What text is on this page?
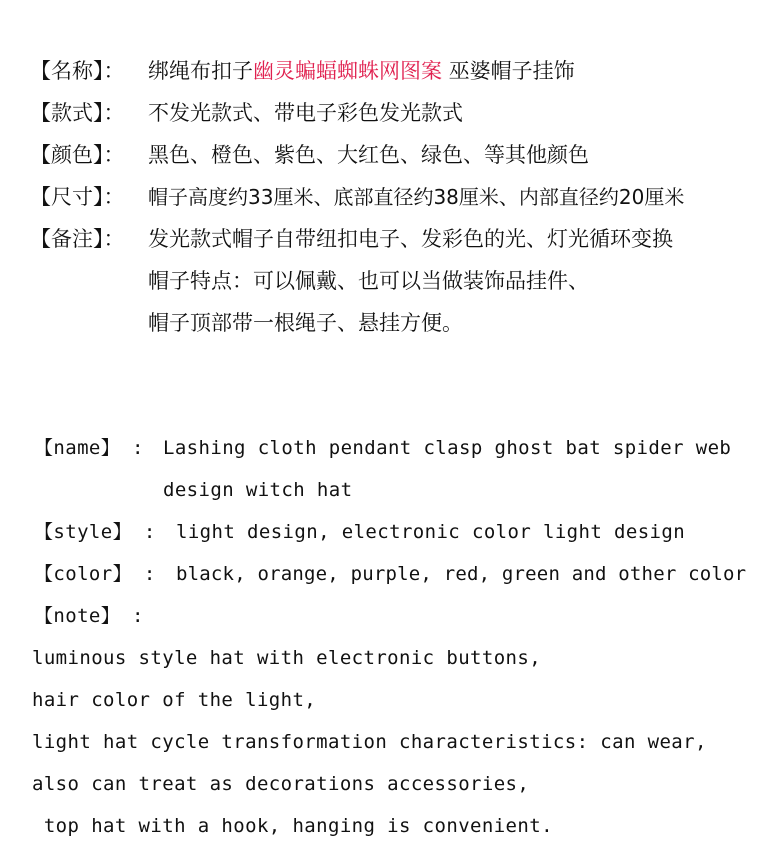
【名称】： 绑绳布扣子幽灵蝙蝠蜘蛛网图案 巫婆帽子挂饰
【款式】： 不发光款式、带电子彩色发光款式
【颜色】： 黑色、橙色、紫色、大红色、绿色、等其他颜色
【尺寸】： 帽子高度约33厘米、底部直径约38厘米、内部直径约20厘米
【备注】： 发光款式帽子自带纽扣电子、发彩色的光、灯光循环变换
帽子特点：可以佩戴、也可以当做装饰品挂件、
帽子顶部带一根绳子、悬挂方便。
【name】 : Lashing cloth pendant clasp ghost bat spider web
design witch hat
【style】 : light design, electronic color light design
【color】 : black, orange, purple, red, green and other color
【note】 :
luminous style hat with electronic buttons,
hair color of the light,
light hat cycle transformation characteristics: can wear,
also can treat as decorations accessories,
top hat with a hook, hanging is convenient.
